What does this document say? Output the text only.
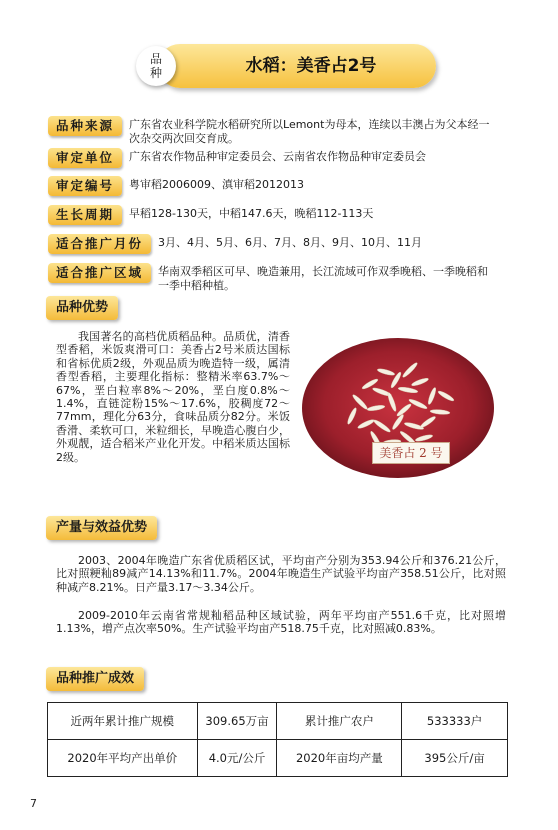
品
种	水稻：美香占2号
品种来源	广东省农业科学院水稻研究所以Lemont为母本，连续以丰澳占为父本经一次杂交两次回交育成。
审定单位	广东省农作物品种审定委员会、云南省农作物品种审定委员会
审定编号	粤审稻2006009、滇审稻2012013
生长周期	早稻128-130天，中稻147.6天，晚稻112-113天
适合推广月份	3月、4月、5月、6月、7月、8月、9月、10月、11月
适合推广区域	华南双季稻区可早、晚造兼用，长江流域可作双季晚稻、一季晚稻和一季中稻种植。
品种优势

我国著名的高档优质稻品种。品质优，清香型香稻，米饭爽滑可口：美香占2号米质达国标和省标优质2级，外观品质为晚造特一级，属清香型香稻，主要理化指标：整精米率63.7%～67%，垩白粒率8%～20%，垩白度0.8%～1.4%，直链淀粉15%～17.6%，胶稠度72～77mm，理化分63分，食味品质分82分。米饭香滑、柔软可口，米粒细长，早晚造心腹白少，外观靓，适合稻米产业化开发。中稻米质达国标2级。	美香占 2 号
产量与效益优势

2003、2004年晚造广东省优质稻区试，平均亩产分别为353.94公斤和376.21公斤，比对照粳籼89减产14.13%和11.7%。2004年晚造生产试验平均亩产358.51公斤，比对照种减产8.21%。日产量3.17～3.34公斤。

2009-2010年云南省常规籼稻品种区域试验，两年平均亩产551.6千克，比对照增1.13%，增产点次率50%。生产试验平均亩产518.75千克，比对照减0.83%。

品种推广成效
近两年累计推广规模	309.65万亩	累计推广农户	533333户
2020年平均产出单价	4.0元/公斤	2020年亩均产量	395公斤/亩
7
